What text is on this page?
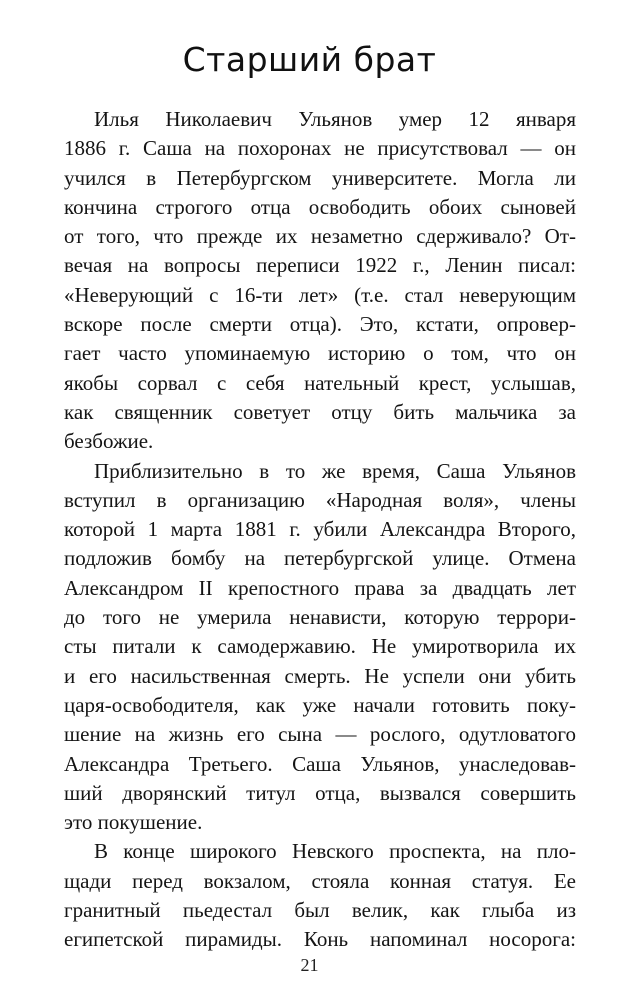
Старший брат
Илья Николаевич Ульянов умер 12 января
1886 г. Саша на похоронах не присутствовал — он
учился в Петербургском университете. Могла ли
кончина строгого отца освободить обоих сыновей
от того, что прежде их незаметно сдерживало? От-
вечая на вопросы переписи 1922 г., Ленин писал:
«Неверующий с 16-ти лет» (т.е. стал неверующим
вскоре после смерти отца). Это, кстати, опровер-
гает часто упоминаемую историю о том, что он
якобы сорвал с себя нательный крест, услышав,
как священник советует отцу бить мальчика за
безбожие.
Приблизительно в то же время, Саша Ульянов
вступил в организацию «Народная воля», члены
которой 1 марта 1881 г. убили Александра Второго,
подложив бомбу на петербургской улице. Отмена
Александром II крепостного права за двадцать лет
до того не умерила ненависти, которую террори-
сты питали к самодержавию. Не умиротворила их
и его насильственная смерть. Не успели они убить
царя-освободителя, как уже начали готовить поку-
шение на жизнь его сына — рослого, одутловатого
Александра Третьего. Саша Ульянов, унаследовав-
ший дворянский титул отца, вызвался совершить
это покушение.
В конце широкого Невского проспекта, на пло-
щади перед вокзалом, стояла конная статуя. Ее
гранитный пьедестал был велик, как глыба из
египетской пирамиды. Конь напоминал носорога:
21
